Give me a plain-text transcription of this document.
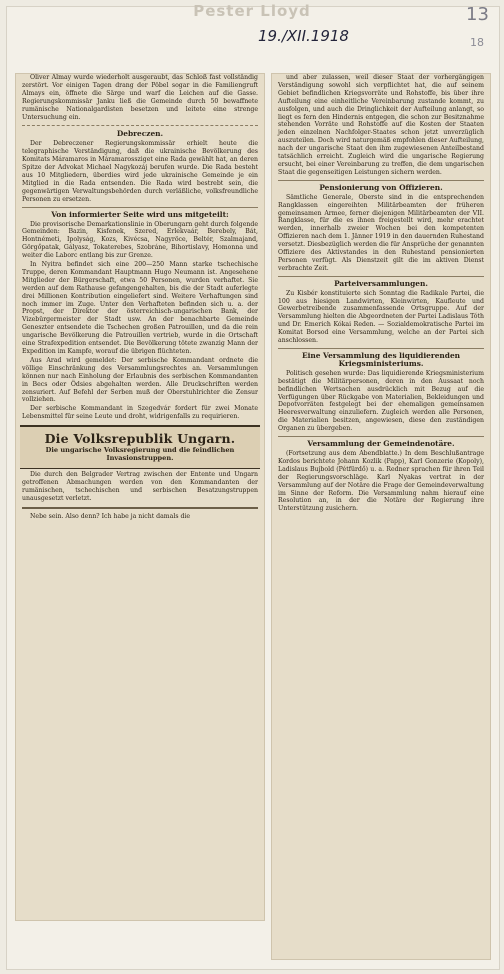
Pester Lloyd
19./XII.1918
13
18

Oliver Almay wurde wiederholt ausgeraubt, das Schloß fast vollständig zerstört. Vor einigen Tagen drang der Pöbel sogar in die Familiengruft Almays ein, öffnete die Särge und warf die Leichen auf die Gasse. Regierungskommissär Janku ließ die Gemeinde durch 50 bewaffnete rumänische Nationalgardisten besetzen und leitete eine strenge Untersuchung ein.

Debreczen.

Der Debreczener Regierungskommissär erhielt heute die telegraphische Verständigung, daß die ukrainische Bevölkerung des Komitats Máramaros in Máramarossziget eine Rada gewählt hat, an deren Spitze der Advokat Michael Nagykozáj berufen wurde. Die Rada besteht aus 10 Mitgliedern, überdies wird jede ukrainische Gemeinde je ein Mitglied in die Rada entsenden. Die Rada wird bestrebt sein, die gegenwärtigen Verwaltungsbehörden durch verläßliche, volksfreundliche Personen zu ersetzen.

Von informierter Seite wird uns mitgeteilt:

Die provisorische Demarkationslinie in Oberungarn geht durch folgende Gemeinden: Bazin, Kisfenek, Szered, Erlekvaár, Berebely, Bát, Hontnémeti, Ipolyság, Kozs, Kivécsa, Nagyröce, Beltér, Szalmajand, Görgőpatak, Gályasz, Tokaterebes, Szobráne, Bihortislavy, Homonna und weiter die Laborc entlang bis zur Grenze.

In Nyitra befindet sich eine 200—250 Mann starke tschechische Truppe, deren Kommandant Hauptmann Hugo Neumann ist. Angesehene Mitglieder der Bürgerschaft, etwa 50 Personen, wurden verhaftet. Sie werden auf dem Rathause gefangengehalten, bis die der Stadt auferlegte drei Millionen Kontribution eingeliefert sind. Weitere Verhaftungen sind noch immer im Zuge. Unter den Verhafteten befinden sich u. a. der Propst, der Direktor der österreichisch-ungarischen Bank, der Vizebürgermeister der Stadt usw. An der benachbarte Gemeinde Geneszter entsendete die Tschechen großen Patrouillen, und da die rein ungarische Bevölkerung die Patrouillen vertrieb, wurde in die Ortschaft eine Strafexpedition entsendet. Die Bevölkerung tötete zwanzig Mann der Expedition im Kampfe, worauf die übrigen flüchteten.

Aus Arad wird gemeldet: Der serbische Kommandant ordnete die völlige Einschränkung des Versammlungsrechtes an. Versammlungen können nur nach Einholung der Erlaubnis des serbischen Kommandanten in Becs oder Ödsies abgehalten werden. Alle Druckschriften werden zensuriert. Auf Befehl der Serben muß der Oberstuhlrichter die Zensur vollziehen.

Der serbische Kommandant in Szegedvár fordert für zwei Monate Lebensmittel für seine Leute und droht, widrigenfalls zu requirieren.

Die Volksrepublik Ungarn.

Die ungarische Volksregierung und die feindlichen Invasionstruppen.

Die durch den Belgrader Vertrag zwischen der Entente und Ungarn getroffenen Abmachungen werden von den Kommandanten der rumänischen, tschechischen und serbischen Besatzungstruppen unausgesetzt verletzt.

Nebe sein. Also denn? Ich habe ja nicht damals die

und aber zulassen, weil dieser Staat der vorhergängigen Verständigung sowohl sich verpflichtet hat, die auf seinem Gebiet befindlichen Kriegsvorräte und Rohstoffe, bis über ihre Aufteilung eine einheitliche Vereinbarung zustande kommt, zu ausfolgen, und auch die Dringlichkeit der Aufteilung anlangt, so liegt es fern den Hindernis entgegen, die schon zur Besitznahme stehenden Vorräte und Rohstoffe auf die Kosten der Staaten jeden einzelnen Nachfolger-Staates schon jetzt unverzüglich auszuteilen. Doch wird naturgemäß empfohlen dieser Aufteilung, nach der ungarische Staat den ihm zugewiesenen Anteilbestand tatsächlich erreicht. Zugleich wird die ungarische Regierung ersucht, bei einer Vereinbarung zu treffen, die dem ungarischen Staat die gegenseitigen Leistungen sichern werden.

Pensionierung von Offizieren.

Sämtliche Generale, Oberste sind in die entsprechenden Rangklassen eingereihten Militärbeamten der früheren gemeinsamen Armee, ferner diejenigen Militärbeamten der VII. Rangklasse, für die es ihnen freigestellt wird, mehr erachtet werden, innerhalb zweier Wochen bei den kompetenten Offizieren nach dem 1. Jänner 1919 in den dauernden Ruhestand versetzt. Diesbezüglich werden die für Ansprüche der genannten Offiziere des Aktivstandes in den Ruhestand pensionierten Personen verfügt. Als Dienstzeit gilt die im aktiven Dienst verbrachte Zeit.

Parteiversammlungen.

Zu Kisbér konstituierte sich Sonntag die Radikale Partei, die 100 aus hiesigen Landwirten, Kleinwirten, Kaufleute und Gewerbetreibende zusammenfassende Ortsgruppe. Auf der Versammlung hielten die Abgeordneten der Partei Ladislaus Tóth und Dr. Emerich Kókai Reden. — Sozialdemokratische Partei im Komitat Borsod eine Versammlung, welche an der Partei sich anschlossen.

Eine Versammlung des liquidierenden Kriegsministeriums.

Politisch gesehen wurde: Das liquidierende Kriegsministerium bestätigt die Militärpersonen, deren in den Aussaat noch befindlichen Wertsachen ausdrücklich mit Bezug auf die Verfügungen über Rückgabe von Materialien, Bekleidungen und Depotvorräten festgelegt bei der ehemaligen gemeinsamen Heeresverwaltung einzuliefern. Zugleich werden alle Personen, die Materialien besitzen, angewiesen, diese den zuständigen Organen zu übergeben.

Versammlung der Gemeindenotäre.

(Fortsetzung aus dem Abendblatte.) In dem Beschlußantrage Kordos berichtete Johann Kozlik (Papp), Karl Gonzerie (Kopoly), Ladislaus Bujbold (Pétfürdő) u. a. Redner sprachen für ihren Teil der Regierungsvorschläge. Karl Nyakas vertrat in der Versammlung auf der Notäre die Frage der Gemeindeverwaltung im Sinne der Reform. Die Versammlung nahm hierauf eine Resolution an, in der die Notäre der Regierung ihre Unterstützung zusichern.
